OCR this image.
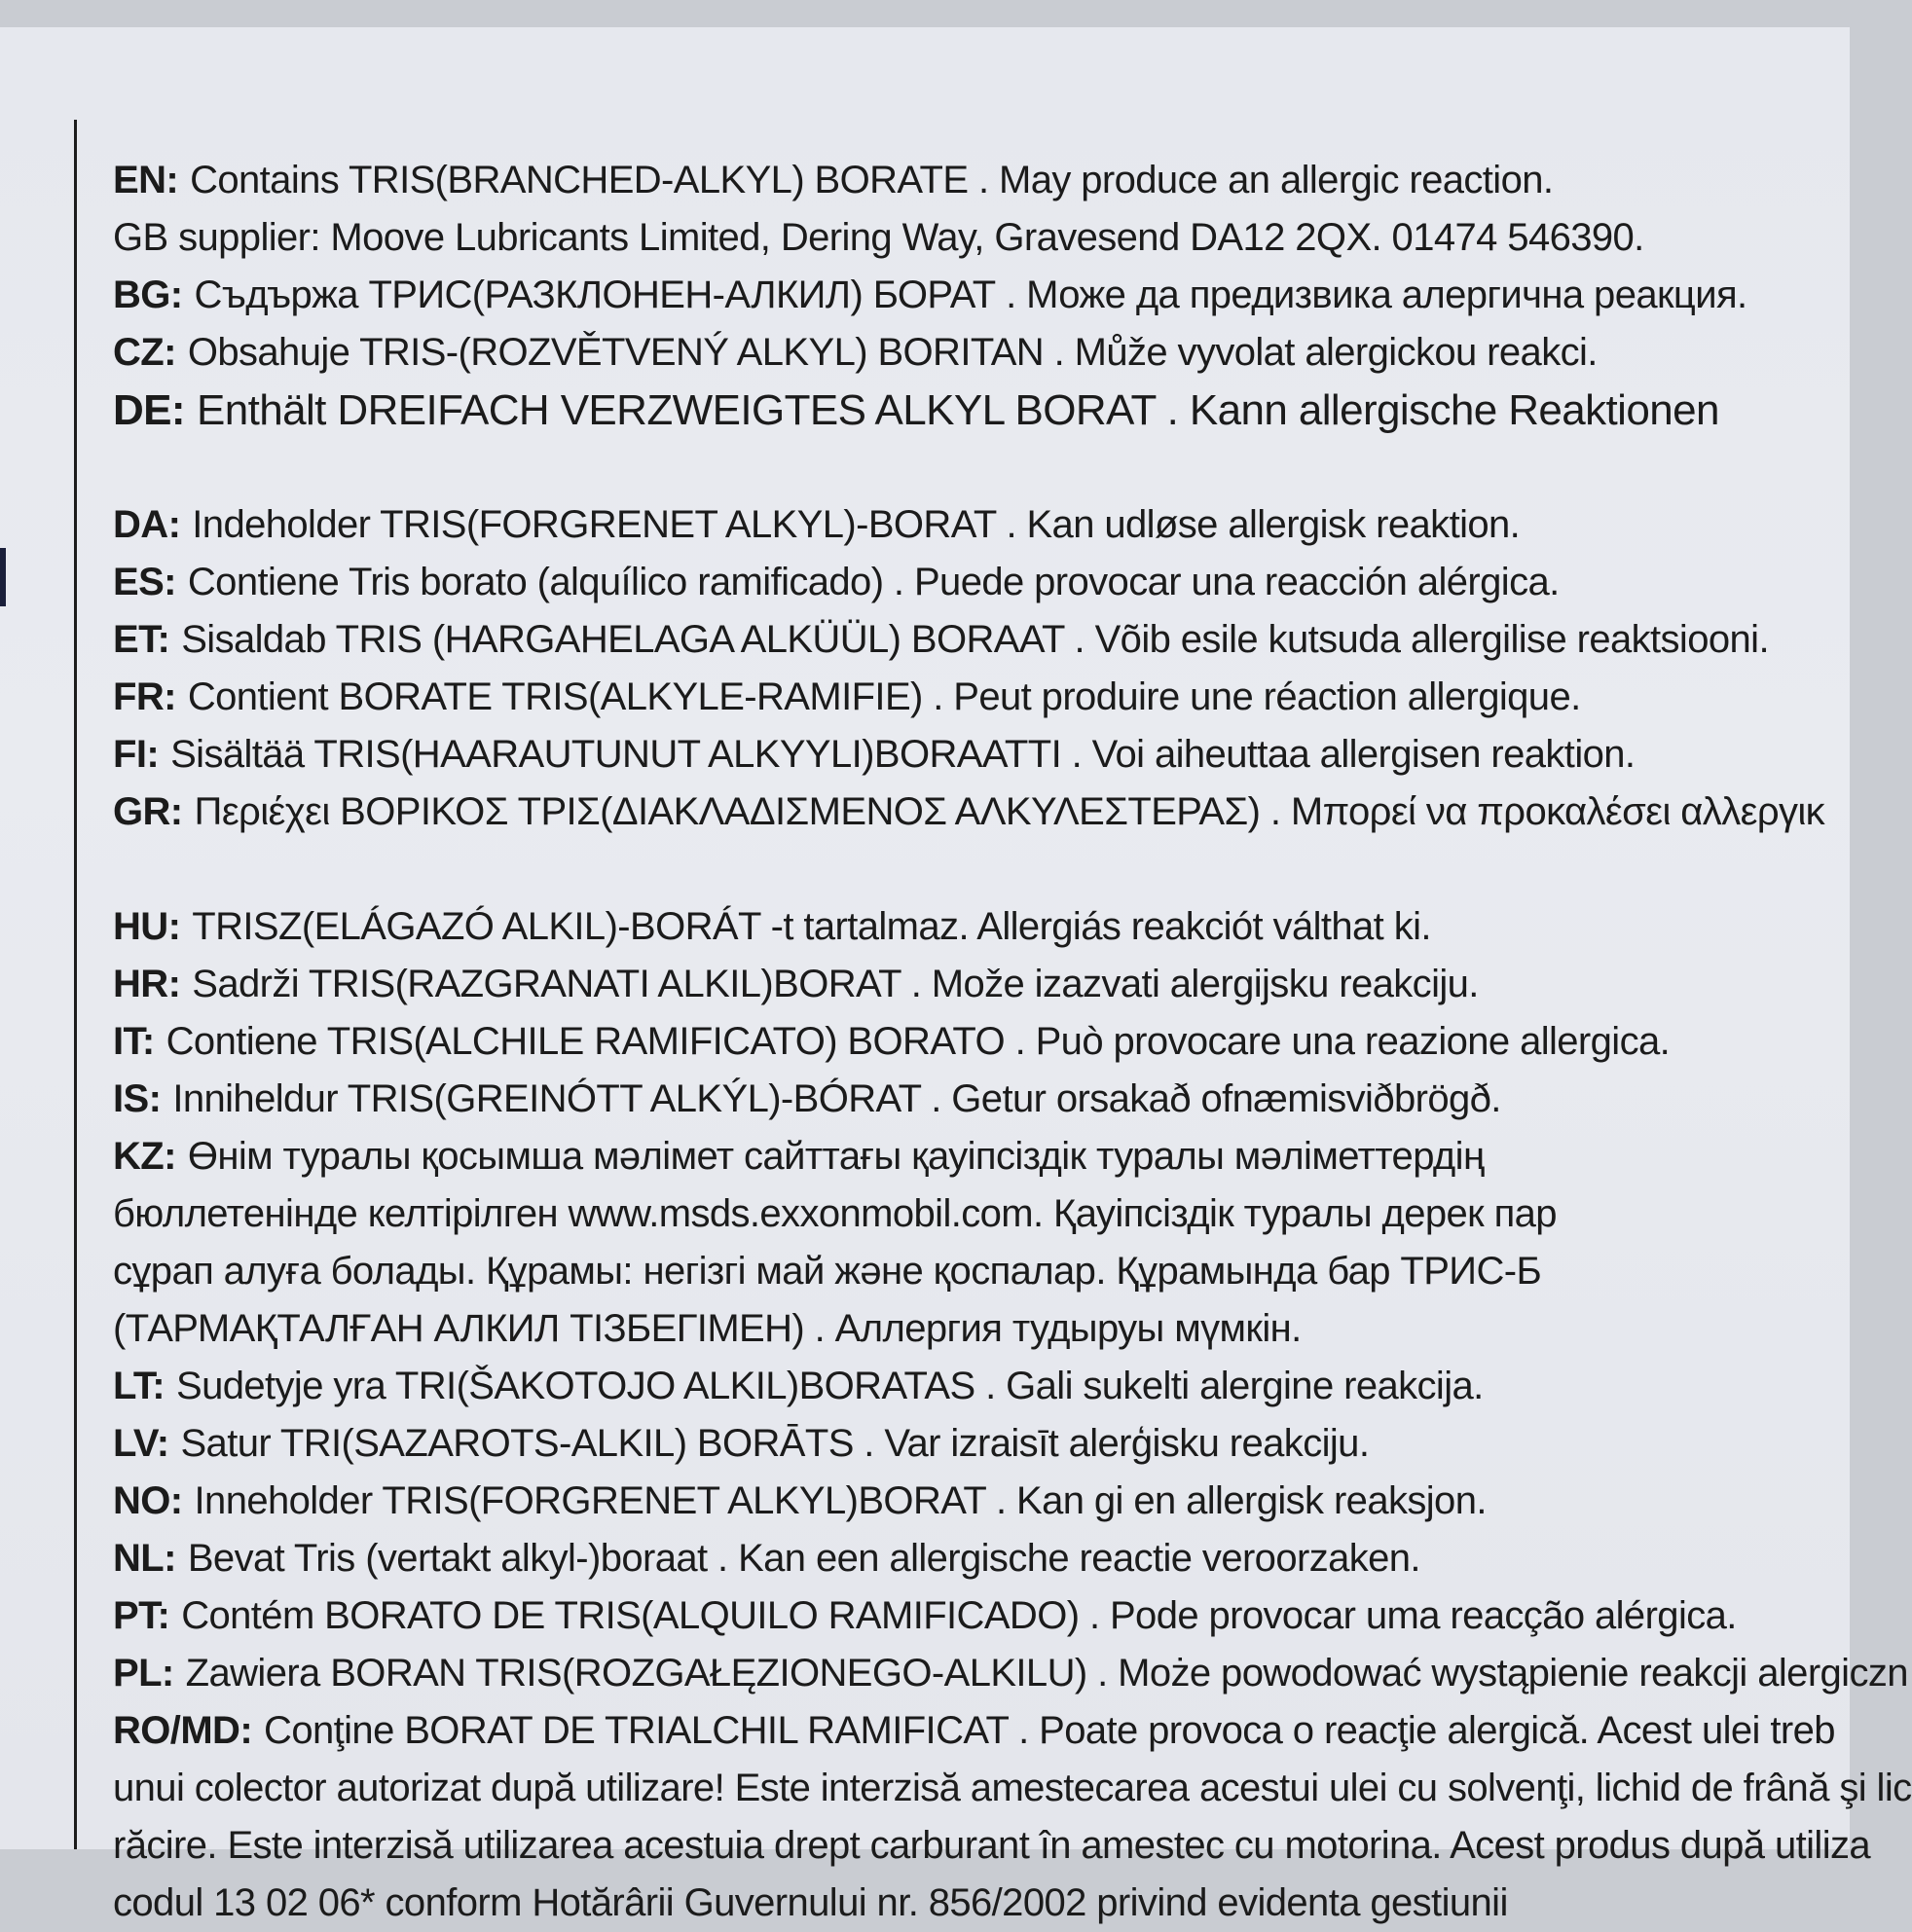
EN: Contains TRIS(BRANCHED-ALKYL) BORATE . May produce an allergic reaction.
GB supplier: Moove Lubricants Limited, Dering Way, Gravesend DA12 2QX. 01474 546390.
BG: Съдържа ТРИС(РАЗКЛОНЕН-АЛКИЛ) БОРАТ . Може да предизвика алергична реакция.
CZ: Obsahuje TRIS-(ROZVĚTVENÝ ALKYL) BORITAN . Může vyvolat alergickou reakci.
DE: Enthält DREIFACH VERZWEIGTES ALKYL BORAT . Kann allergische Reaktionen
DA: Indeholder TRIS(FORGRENET ALKYL)-BORAT . Kan udløse allergisk reaktion.
ES: Contiene Tris borato (alquílico ramificado) . Puede provocar una reacción alérgica.
ET: Sisaldab TRIS (HARGAHELAGA ALKÜÜL) BORAAT . Võib esile kutsuda allergilise reaktsiooni.
FR: Contient BORATE TRIS(ALKYLE-RAMIFIE) . Peut produire une réaction allergique.
FI: Sisältää TRIS(HAARAUTUNUT ALKYYLI)BORAATTI . Voi aiheuttaa allergisen reaktion.
GR: Περιέχει ΒΟΡΙΚΟΣ ΤΡΙΣ(ΔΙΑΚΛΑΔΙΣΜΕΝΟΣ ΑΛΚΥΛΕΣΤΕΡΑΣ) . Μπορεί να προκαλέσει αλλεργικ
HU: TRISZ(ELÁGAZÓ ALKIL)-BORÁT -t tartalmaz. Allergiás reakciót válthat ki.
HR: Sadrži TRIS(RAZGRANATI ALKIL)BORAT . Može izazvati alergijsku reakciju.
IT: Contiene TRIS(ALCHILE RAMIFICATO) BORATO . Può provocare una reazione allergica.
IS: Inniheldur TRIS(GREINÓTT ALKÝL)-BÓRAT . Getur orsakað ofnæmisviðbrögð.
KZ: Өнім туралы қосымша мәлімет сайттағы қауіпсіздік туралы мәліметтердің
бюллетенінде келтірілген www.msds.exxonmobil.com. Қауіпсіздік туралы дерек пар
сұрап алуға болады. Құрамы: негізгі май және қоспалар. Құрамында бар ТРИС-Б
(ТАРМАҚТАЛҒАН АЛКИЛ ТІЗБЕГІМЕН) . Аллергия тудыруы мүмкін.
LT: Sudetyje yra TRI(ŠAKOTOJO ALKIL)BORATAS . Gali sukelti alergine reakcija.
LV: Satur TRI(SAZAROTS-ALKIL) BORĀTS . Var izraisīt alerģisku reakciju.
NO: Inneholder TRIS(FORGRENET ALKYL)BORAT . Kan gi en allergisk reaksjon.
NL: Bevat Tris (vertakt alkyl-)boraat . Kan een allergische reactie veroorzaken.
PT: Contém BORATO DE TRIS(ALQUILO RAMIFICADO) . Pode provocar uma reacção alérgica.
PL: Zawiera BORAN TRIS(ROZGAŁĘZIONEGO-ALKILU) . Może powodować wystąpienie reakcji alergiczn
RO/MD: Conţine BORAT DE TRIALCHIL RAMIFICAT . Poate provoca o reacţie alergică. Acest ulei treb
unui colector autorizat după utilizare! Este interzisă amestecarea acestui ulei cu solvenţi, lichid de frână şi lic
răcire. Este interzisă utilizarea acestuia drept carburant în amestec cu motorina. Acest produs după utiliza
codul 13 02 06* conform Hotărârii Guvernului nr. 856/2002 privind evidenta gestiunii
